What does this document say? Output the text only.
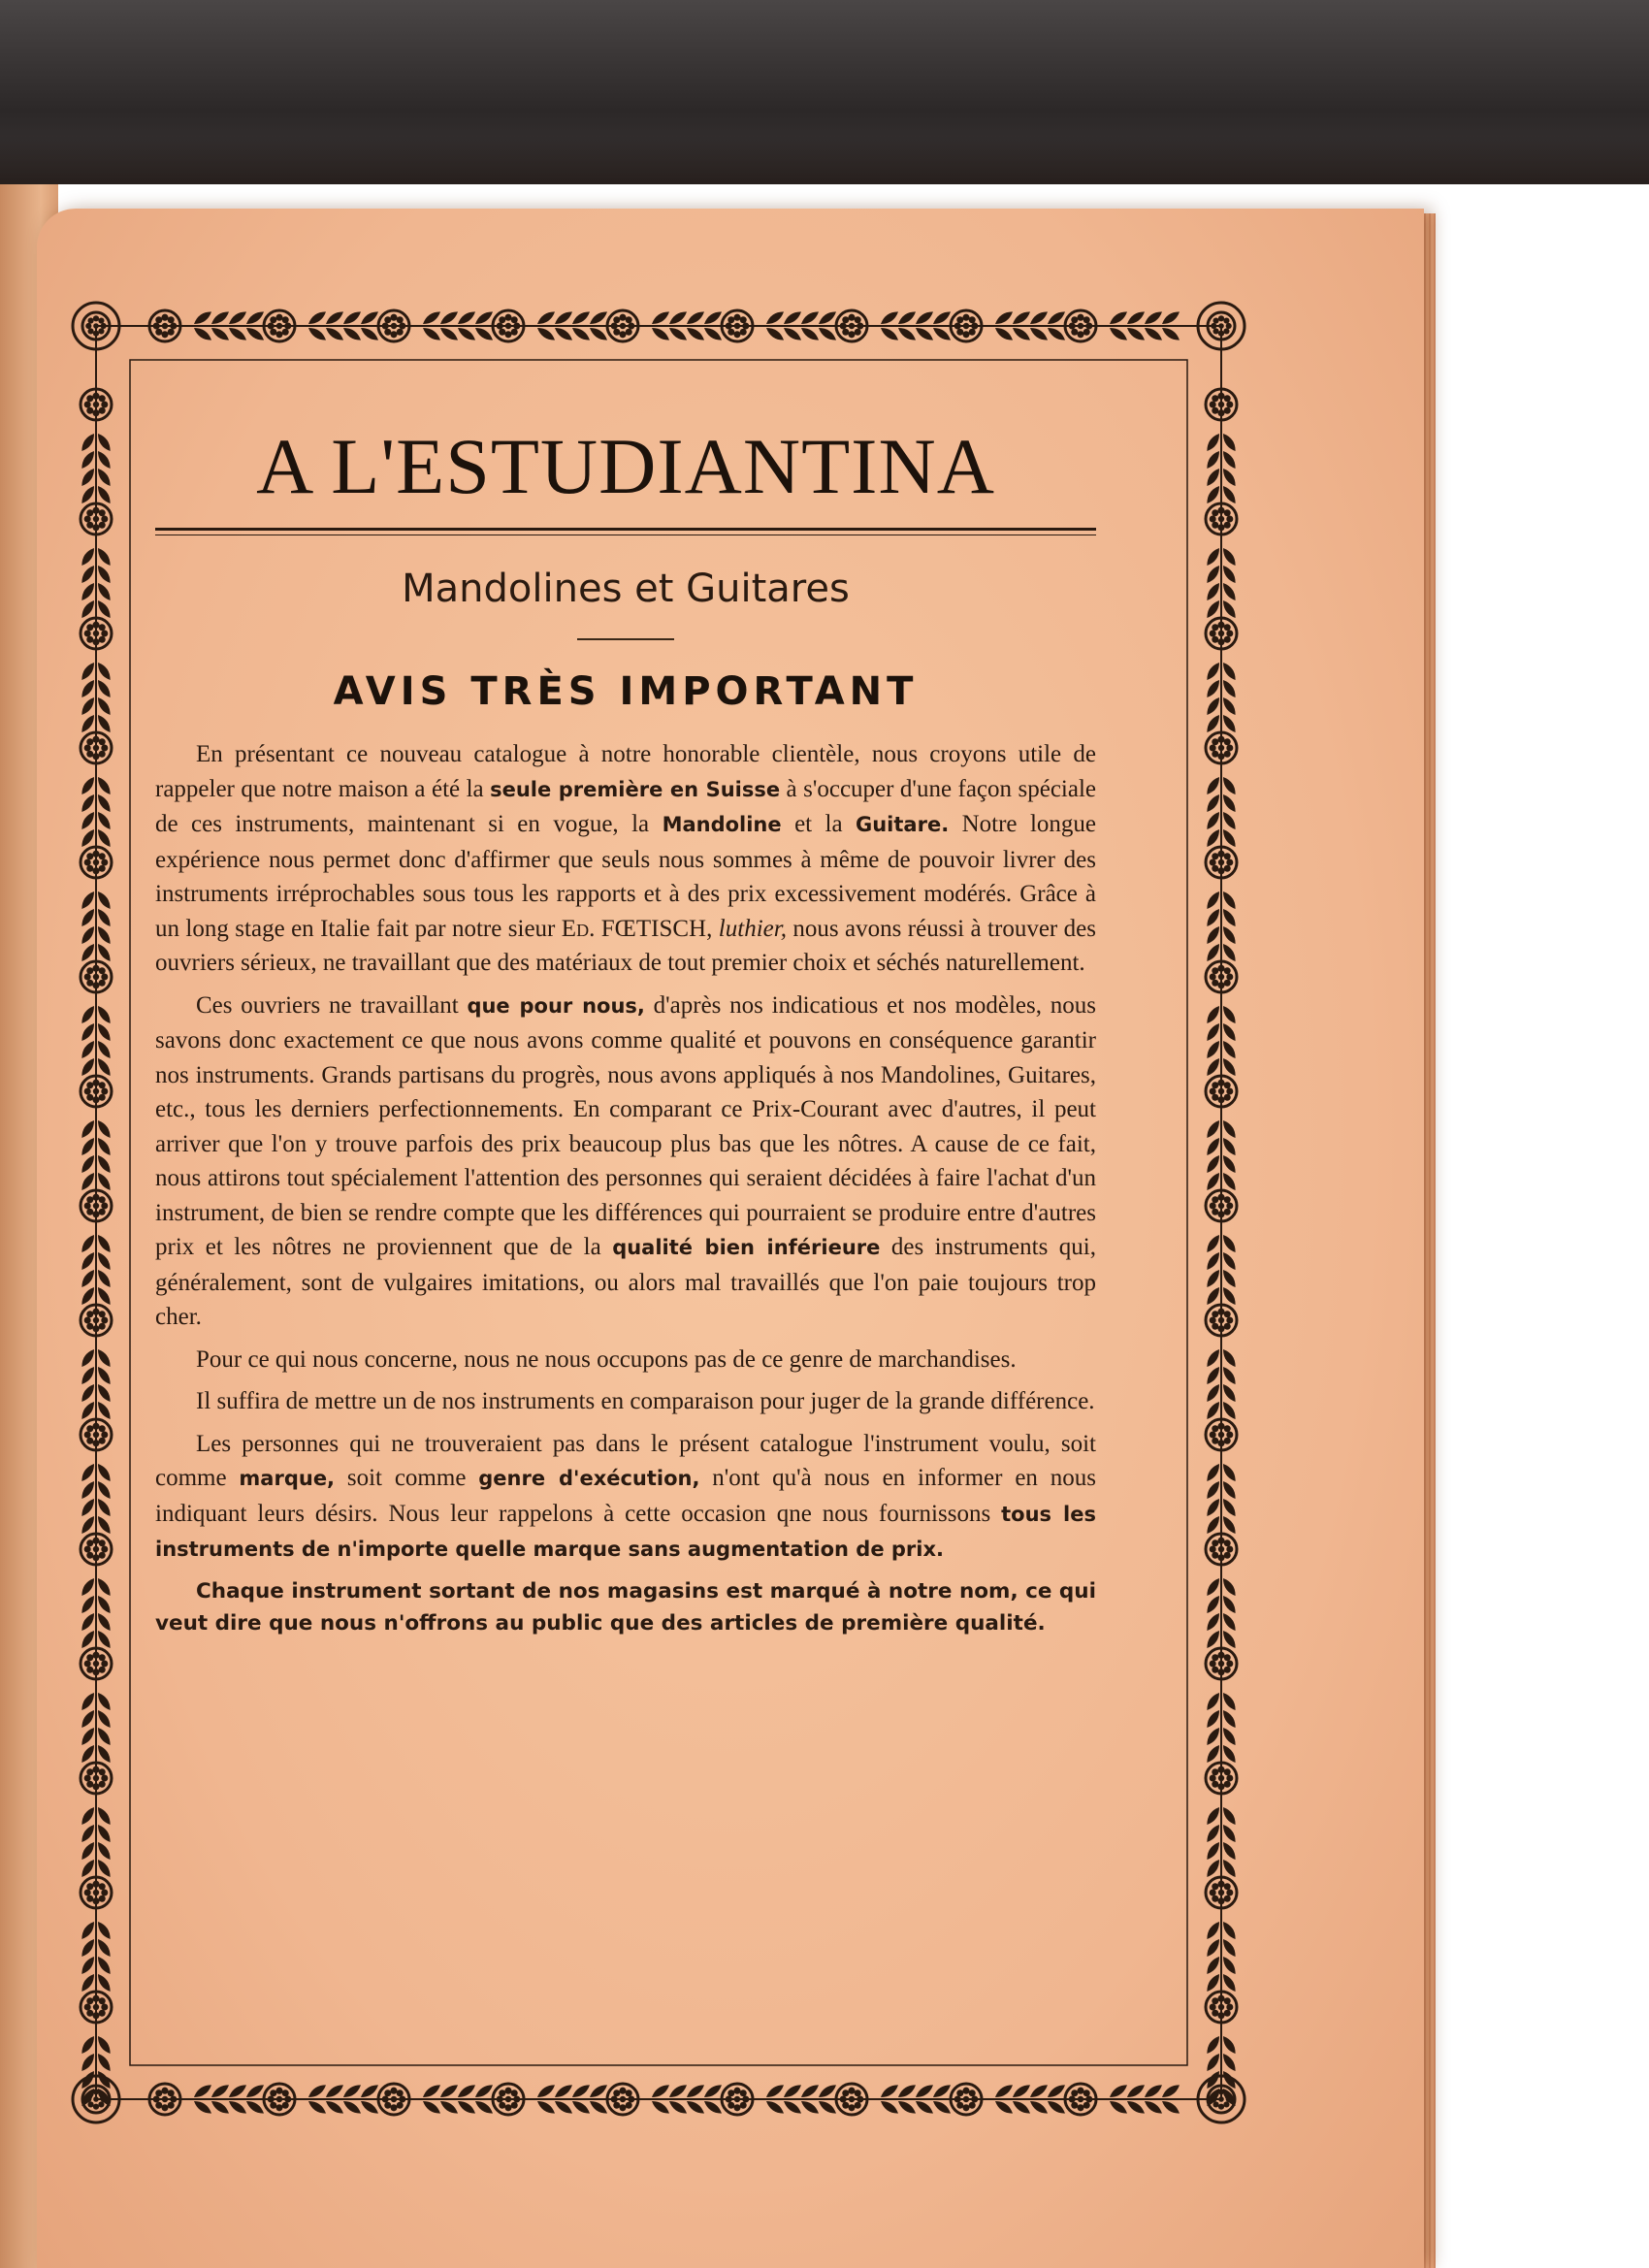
A L'ESTUDIANTINA
Mandolines et Guitares
AVIS TRÈS IMPORTANT

En présentant ce nouveau catalogue à notre honorable clientèle, nous croyons utile de rappeler que notre maison a été la seule première en Suisse à s'occuper d'une façon spéciale de ces instruments, maintenant si en vogue, la Mandoline et la Guitare. Notre longue expérience nous permet donc d'affirmer que seuls nous sommes à même de pouvoir livrer des instruments irréprochables sous tous les rapports et à des prix excessivement modérés. Grâce à un long stage en Italie fait par notre sieur Ed. FŒTISCH, luthier, nous avons réussi à trouver des ouvriers sérieux, ne travaillant que des matériaux de tout premier choix et séchés naturellement.

Ces ouvriers ne travaillant que pour nous, d'après nos indicatious et nos modèles, nous savons donc exactement ce que nous avons comme qualité et pouvons en conséquence garantir nos instruments. Grands partisans du progrès, nous avons appliqués à nos Mandolines, Guitares, etc., tous les derniers perfectionnements. En comparant ce Prix-Courant avec d'autres, il peut arriver que l'on y trouve parfois des prix beaucoup plus bas que les nôtres. A cause de ce fait, nous attirons tout spécialement l'attention des personnes qui seraient décidées à faire l'achat d'un instrument, de bien se rendre compte que les différences qui pourraient se produire entre d'autres prix et les nôtres ne proviennent que de la qualité bien inférieure des instruments qui, généralement, sont de vulgaires imitations, ou alors mal travaillés que l'on paie toujours trop cher.

Pour ce qui nous concerne, nous ne nous occupons pas de ce genre de marchandises.

Il suffira de mettre un de nos instruments en comparaison pour juger de la grande différence.

Les personnes qui ne trouveraient pas dans le présent catalogue l'instrument voulu, soit comme marque, soit comme genre d'exécution, n'ont qu'à nous en informer en nous indiquant leurs désirs. Nous leur rappelons à cette occasion qne nous fournissons tous les instruments de n'importe quelle marque sans augmentation de prix.

Chaque instrument sortant de nos magasins est marqué à notre nom, ce qui veut dire que nous n'offrons au public que des articles de première qualité.
